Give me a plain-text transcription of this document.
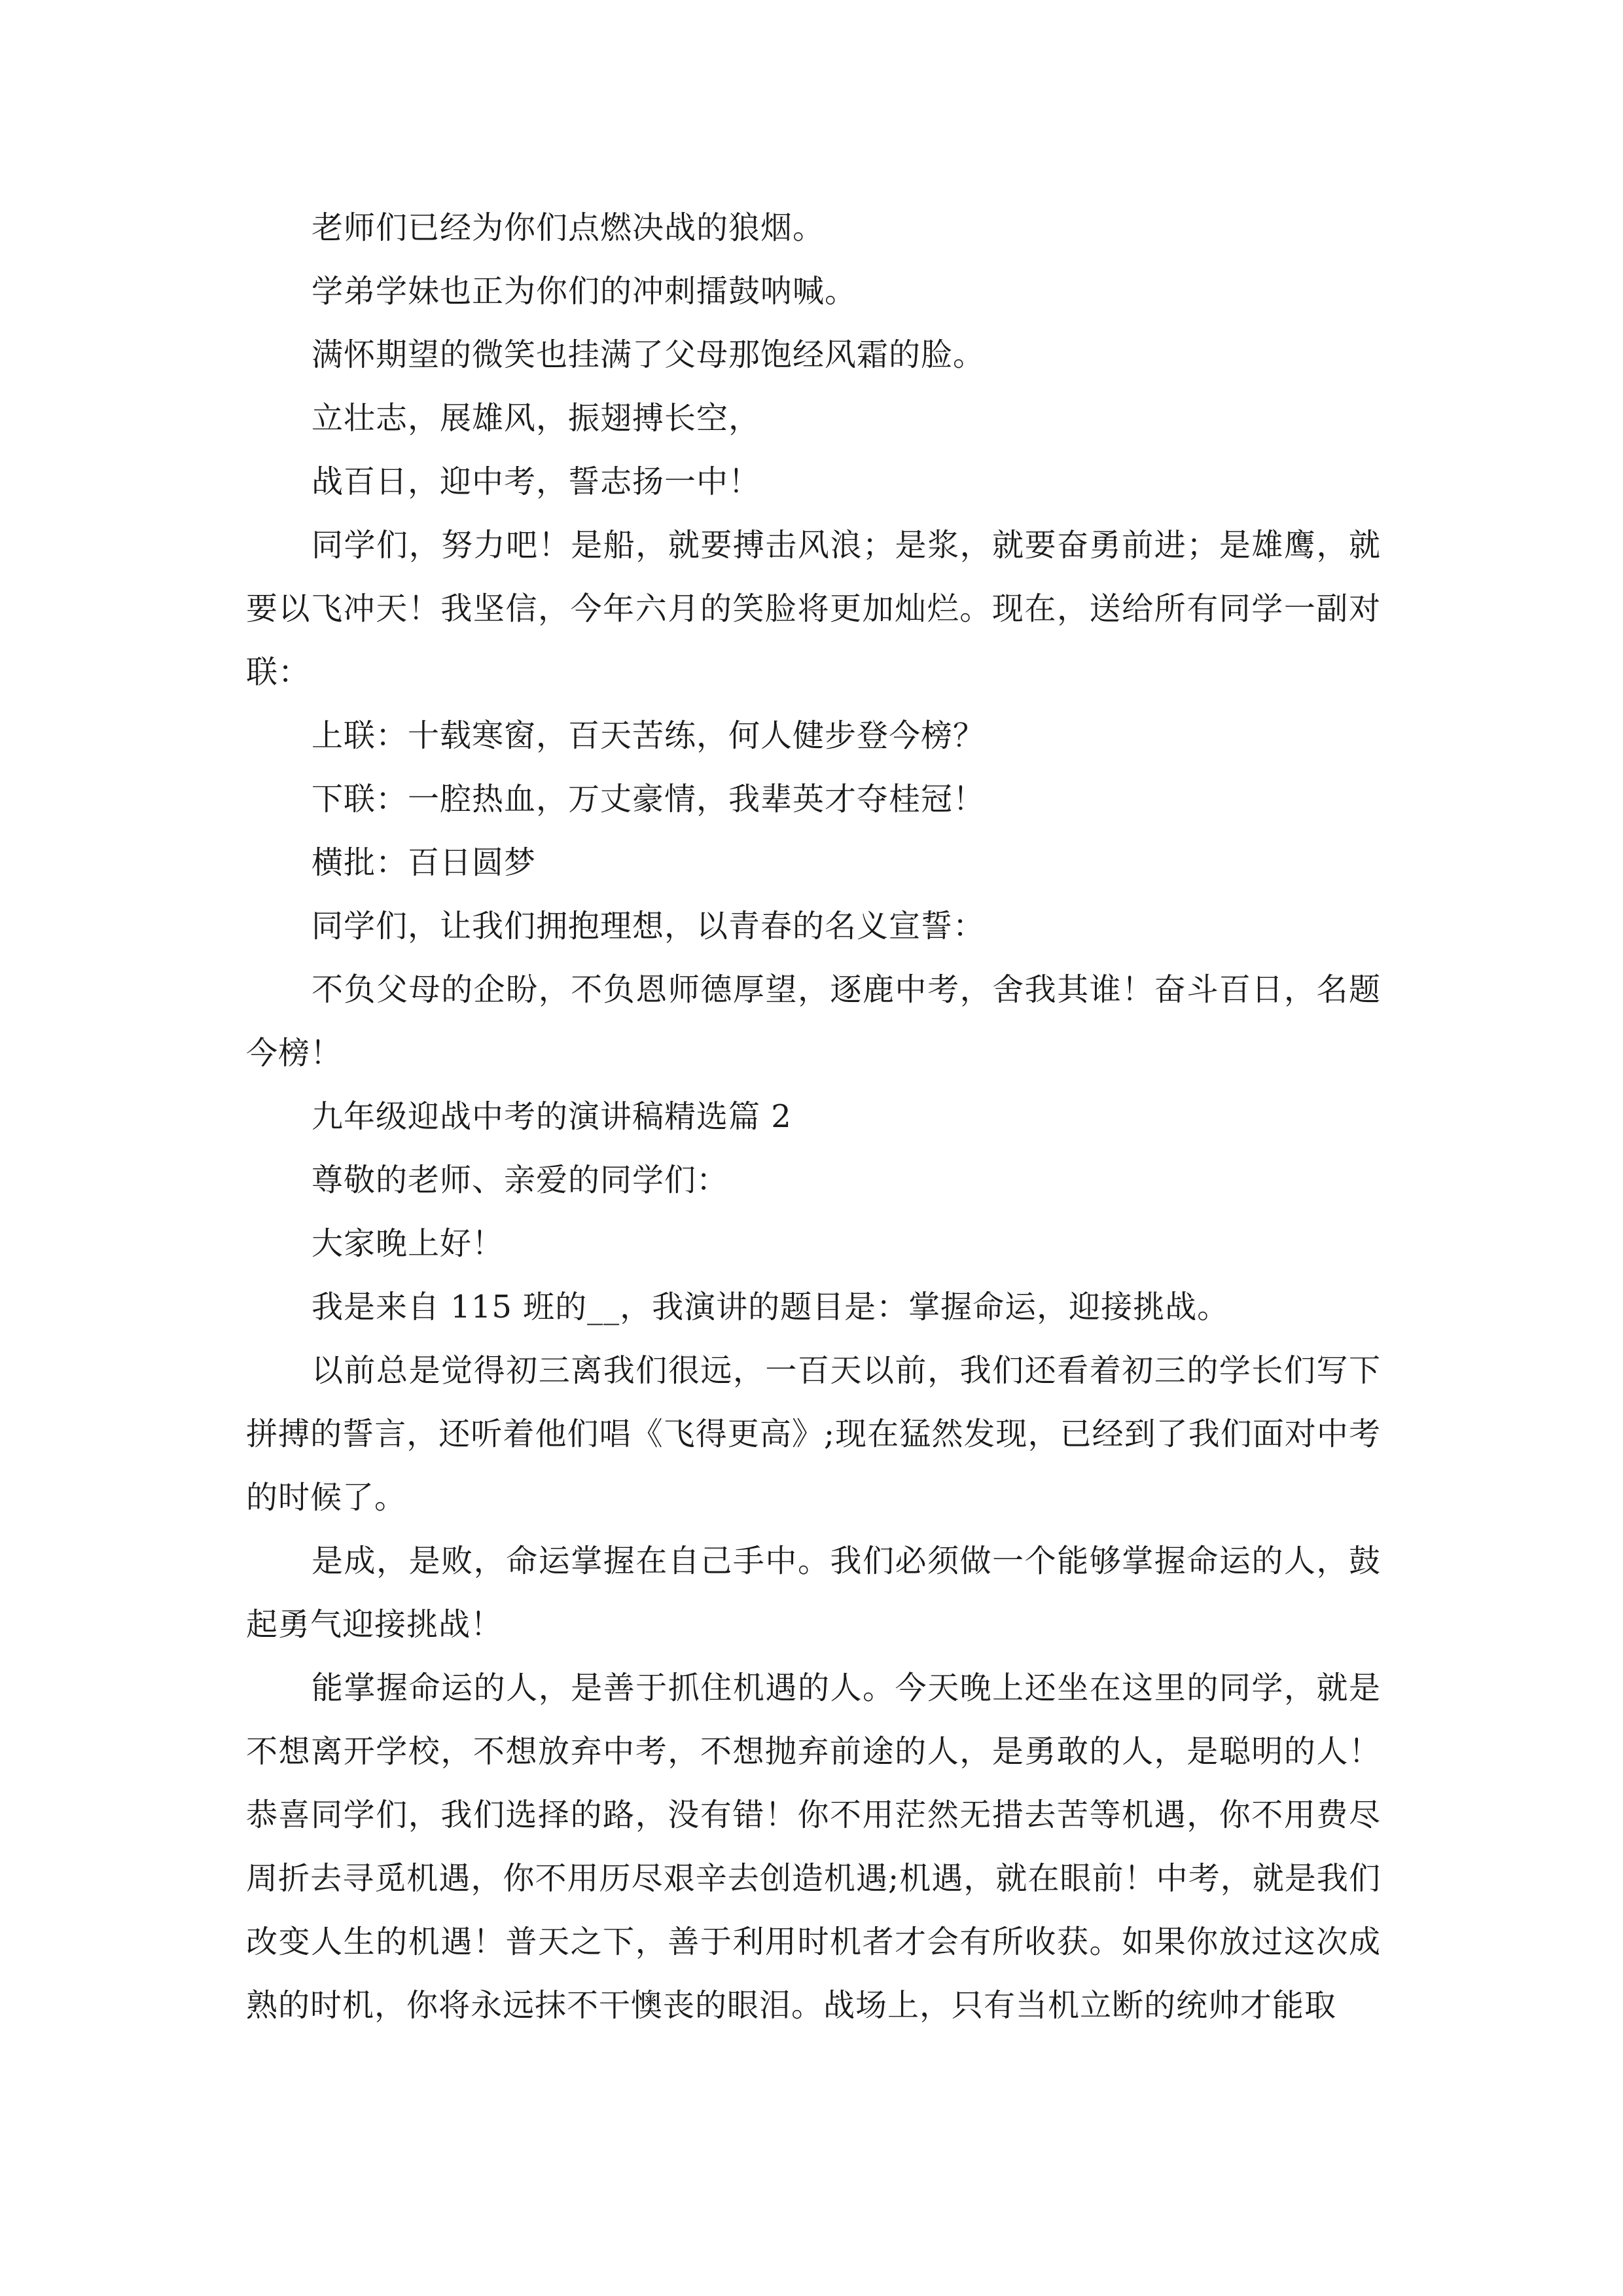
老师们已经为你们点燃决战的狼烟。

学弟学妹也正为你们的冲刺擂鼓呐喊。

满怀期望的微笑也挂满了父母那饱经风霜的脸。

立壮志，展雄风，振翅搏长空，

战百日，迎中考，誓志扬一中！

同学们，努力吧！是船，就要搏击风浪；是浆，就要奋勇前进；是雄鹰，就要以飞冲天！我坚信，今年六月的笑脸将更加灿烂。现在，送给所有同学一副对联：

上联：十载寒窗，百天苦练，何人健步登今榜？

下联：一腔热血，万丈豪情，我辈英才夺桂冠！

横批：百日圆梦

同学们，让我们拥抱理想，以青春的名义宣誓：

不负父母的企盼，不负恩师德厚望，逐鹿中考，舍我其谁！奋斗百日，名题今榜！

九年级迎战中考的演讲稿精选篇 2

尊敬的老师、亲爱的同学们：

大家晚上好！

我是来自 115 班的__，我演讲的题目是：掌握命运，迎接挑战。

以前总是觉得初三离我们很远，一百天以前，我们还看着初三的学长们写下拼搏的誓言，还听着他们唱《飞得更高》;现在猛然发现，已经到了我们面对中考的时候了。

是成，是败，命运掌握在自己手中。我们必须做一个能够掌握命运的人，鼓起勇气迎接挑战！

能掌握命运的人，是善于抓住机遇的人。今天晚上还坐在这里的同学，就是不想离开学校，不想放弃中考，不想抛弃前途的人，是勇敢的人，是聪明的人！恭喜同学们，我们选择的路，没有错！你不用茫然无措去苦等机遇，你不用费尽周折去寻觅机遇，你不用历尽艰辛去创造机遇;机遇，就在眼前！中考，就是我们改变人生的机遇！普天之下，善于利用时机者才会有所收获。如果你放过这次成熟的时机，你将永远抹不干懊丧的眼泪。战场上，只有当机立断的统帅才能取
